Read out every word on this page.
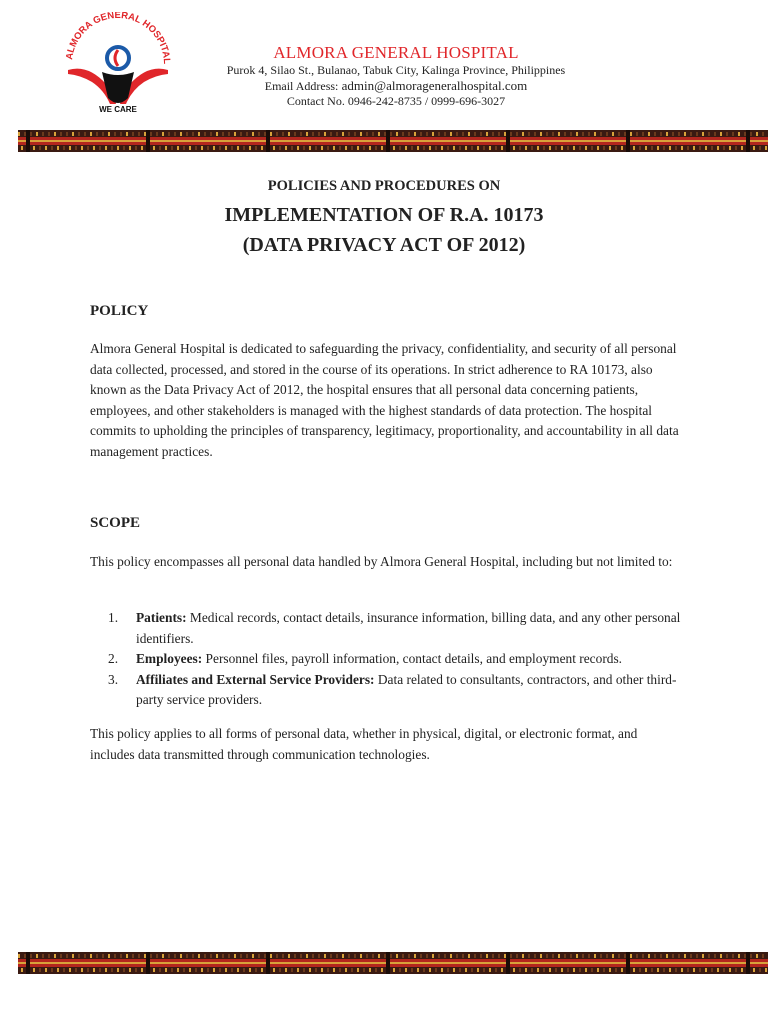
ALMORA GENERAL HOSPITAL
WE CARE
ALMORA GENERAL HOSPITAL
Purok 4, Silao St., Bulanao, Tabuk City, Kalinga Province, Philippines
Email Address: admin@almorageneralhospital.com
Contact No. 0946-242-8735 / 0999-696-3027
POLICIES AND PROCEDURES ON
IMPLEMENTATION OF R.A. 10173
(DATA PRIVACY ACT OF 2012)
POLICY
Almora General Hospital is dedicated to safeguarding the privacy, confidentiality, and security of all personal data collected, processed, and stored in the course of its operations. In strict adherence to RA 10173, also known as the Data Privacy Act of 2012, the hospital ensures that all personal data concerning patients, employees, and other stakeholders is managed with the highest standards of data protection. The hospital commits to upholding the principles of transparency, legitimacy, proportionality, and accountability in all data management practices.
SCOPE
This policy encompasses all personal data handled by Almora General Hospital, including but not limited to:
1. Patients: Medical records, contact details, insurance information, billing data, and any other personal identifiers.
2. Employees: Personnel files, payroll information, contact details, and employment records.
3. Affiliates and External Service Providers: Data related to consultants, contractors, and other third-party service providers.
This policy applies to all forms of personal data, whether in physical, digital, or electronic format, and includes data transmitted through communication technologies.
